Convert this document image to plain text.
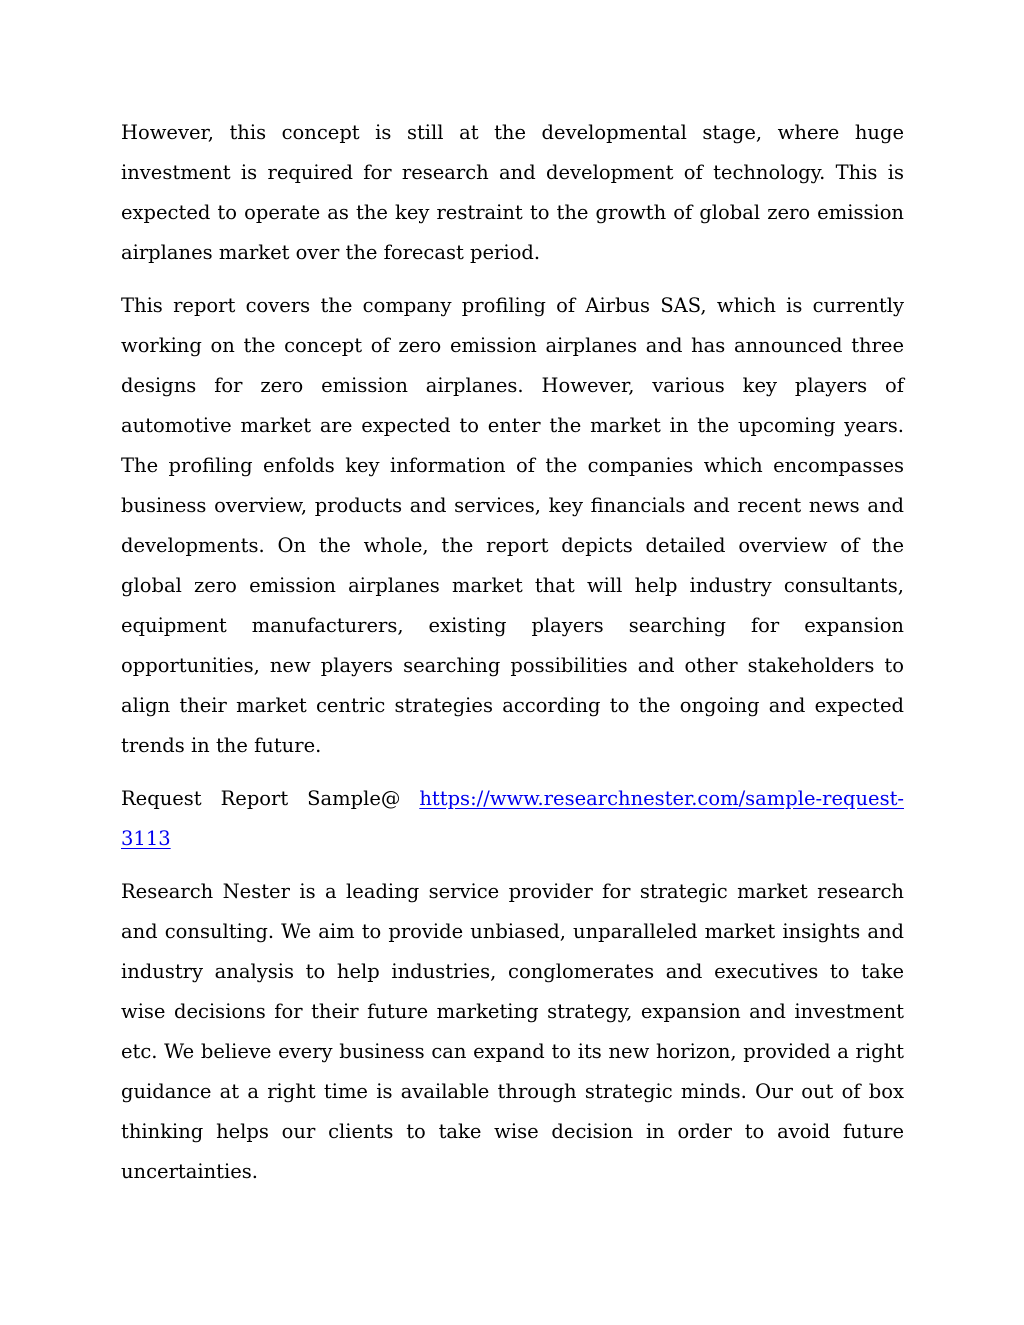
However, this concept is still at the developmental stage, where huge investment is required for research and development of technology. This is expected to operate as the key restraint to the growth of global zero emission airplanes market over the forecast period.

This report covers the company profiling of Airbus SAS, which is currently working on the concept of zero emission airplanes and has announced three designs for zero emission airplanes. However, various key players of automotive market are expected to enter the market in the upcoming years. The profiling enfolds key information of the companies which encompasses business overview, products and services, key financials and recent news and developments. On the whole, the report depicts detailed overview of the global zero emission airplanes market that will help industry consultants, equipment manufacturers, existing players searching for expansion opportunities, new players searching possibilities and other stakeholders to align their market centric strategies according to the ongoing and expected trends in the future.

Request Report Sample@ https://www.researchnester.com/sample-request-3113

Research Nester is a leading service provider for strategic market research and consulting. We aim to provide unbiased, unparalleled market insights and industry analysis to help industries, conglomerates and executives to take wise decisions for their future marketing strategy, expansion and investment etc. We believe every business can expand to its new horizon, provided a right guidance at a right time is available through strategic minds. Our out of box thinking helps our clients to take wise decision in order to avoid future uncertainties.
